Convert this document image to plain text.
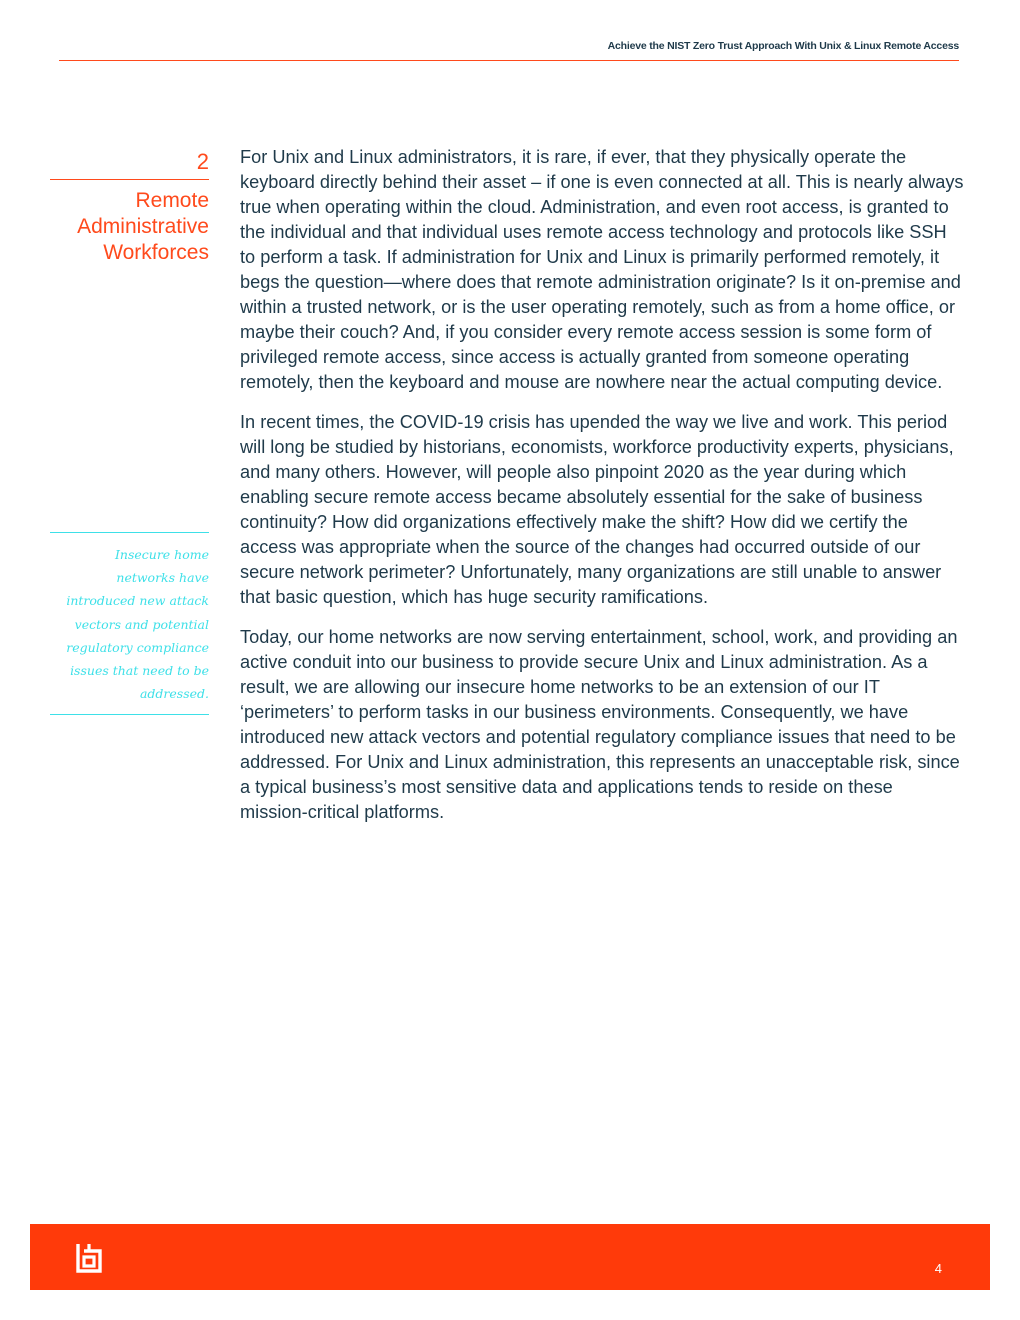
Achieve the NIST Zero Trust Approach With Unix & Linux Remote Access
2
Remote
Administrative
Workforces
Insecure home
networks have
introduced new attack
vectors and potential
regulatory compliance
issues that need to be
addressed.

For Unix and Linux administrators, it is rare, if ever, that they physically operate the keyboard directly behind their asset – if one is even connected at all. This is nearly always true when operating within the cloud. Administration, and even root access, is granted to the individual and that individual uses remote access technology and protocols like SSH to perform a task. If administration for Unix and Linux is primarily performed remotely, it begs the question—where does that remote administration originate? Is it on-premise and within a trusted network, or is the user operating remotely, such as from a home office, or maybe their couch? And, if you consider every remote access session is some form of privileged remote access, since access is actually granted from someone operating remotely, then the keyboard and mouse are nowhere near the actual computing device.

In recent times, the COVID-19 crisis has upended the way we live and work. This period will long be studied by historians, economists, workforce productivity experts, physicians, and many others. However, will people also pinpoint 2020 as the year during which enabling secure remote access became absolutely essential for the sake of business continuity? How did organizations effectively make the shift? How did we certify the access was appropriate when the source of the changes had occurred outside of our secure network perimeter? Unfortunately, many organizations are still unable to answer that basic question, which has huge security ramifications.

Today, our home networks are now serving entertainment, school, work, and providing an active conduit into our business to provide secure Unix and Linux administration. As a result, we are allowing our insecure home networks to be an extension of our IT ‘perimeters’ to perform tasks in our business environments. Consequently, we have introduced new attack vectors and potential regulatory compliance issues that need to be addressed. For Unix and Linux administration, this represents an unacceptable risk, since a typical business’s most sensitive data and applications tends to reside on these mission-critical platforms.

4
